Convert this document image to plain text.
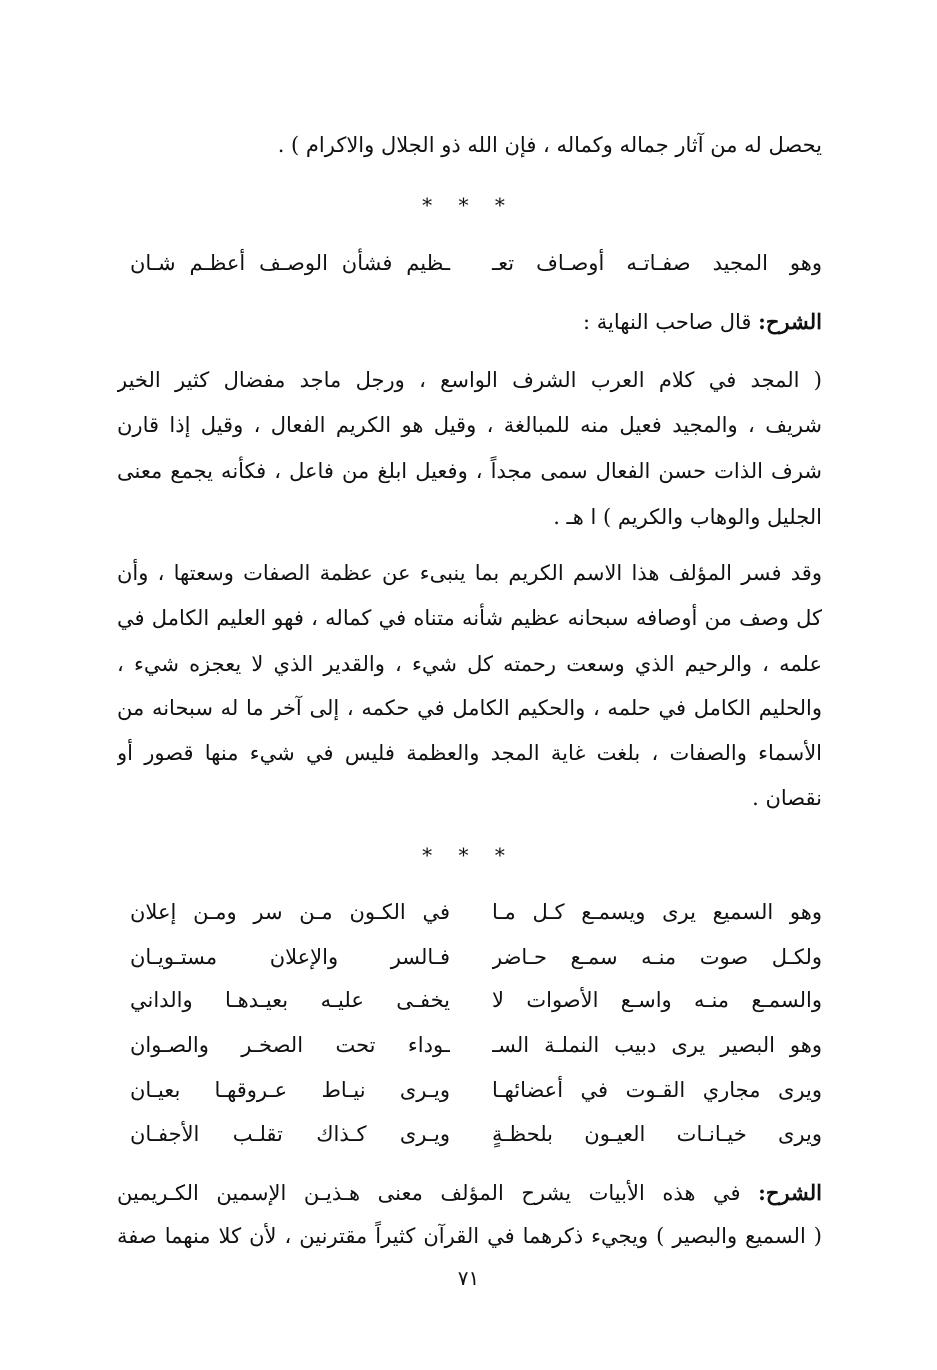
يحصل له من آثار جماله وكماله ، فإن الله ذو الجلال والاكرام ) .
* * *
وهو المجيد صفـاتـه أوصـاف تعـ
ـظيم فشأن الوصـف أعظـم شـان
الشرح: قال صاحب النهاية :
( المجد في كلام العرب الشرف الواسع ، ورجل ماجد مفضال كثير الخير
شريف ، والمجيد فعيل منه للمبالغة ، وقيل هو الكريم الفعال ، وقيل إذا قارن
شرف الذات حسن الفعال سمى مجداً ، وفعيل ابلغ من فاعل ، فكأنه يجمع معنى
الجليل والوهاب والكريم ) ا هـ .
وقد فسر المؤلف هذا الاسم الكريم بما ينبىء عن عظمة الصفات وسعتها ، وأن
كل وصف من أوصافه سبحانه عظيم شأنه متناه في كماله ، فهو العليم الكامل في
علمه ، والرحيم الذي وسعت رحمته كل شيء ، والقدير الذي لا يعجزه شيء ،
والحليم الكامل في حلمه ، والحكيم الكامل في حكمه ، إلى آخر ما له سبحانه من
الأسماء والصفات ، بلغت غاية المجد والعظمة فليس في شيء منها قصور أو
نقصان .
* * *
وهو السميع يرى ويسمـع كـل مـا
في الكـون مـن سر ومـن إعلان
ولكـل صوت منـه سمـع حـاضر
فـالسر والإعلان مستـويـان
والسمـع منـه واسـع الأصوات لا
يخفـى عليـه بعيـدهـا والداني
وهو البصير يرى دبيب النملـة السـ
ـوداء تحت الصخـر والصـوان
ويرى مجاري القـوت في أعضائهـا
ويـرى نيـاط عـروقهـا بعيـان
ويرى خيـانـات العيـون بلحظـةٍ
ويـرى كـذاك تقلـب الأجفـان
الشرح: في هذه الأبيات يشرح المؤلف معنى هـذيـن الإسمين الكـريمين
( السميع والبصير ) ويجيء ذكرهما في القرآن كثيراً مقترنين ، لأن كلا منهما صفة
٧١
